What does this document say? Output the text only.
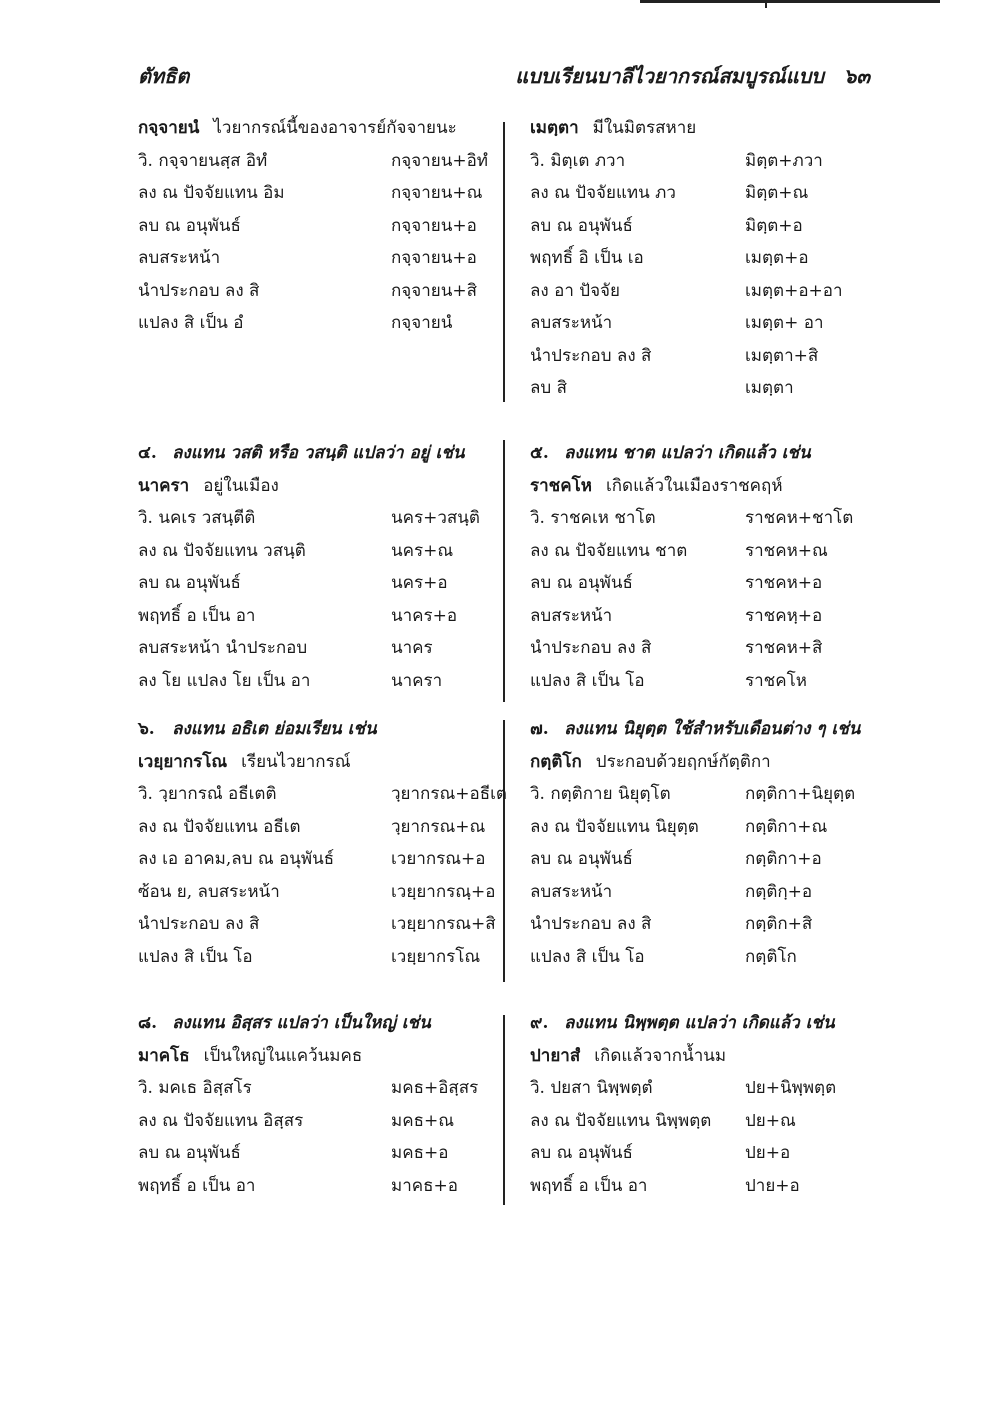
ตัทธิต	แบบเรียนบาลีไวยากรณ์สมบูรณ์แบบ ๖๓
กจฺจายนํ ไวยากรณ์นี้ของอาจารย์กัจจายนะ
วิ. กจฺจายนสฺส อิทํ	กจฺจายน+อิทํ
ลง ณ ปัจจัยแทน อิม	กจฺจายน+ณ
ลบ ณ อนุพันธ์	กจฺจายน+อ
ลบสระหน้า	กจฺจายน+อ
นำประกอบ ลง สิ	กจฺจายน+สิ
แปลง สิ เป็น อํ	กจฺจายนํ
เมตฺตา มีในมิตรสหาย
วิ. มิตฺเต ภวา	มิตฺต+ภวา
ลง ณ ปัจจัยแทน ภว	มิตฺต+ณ
ลบ ณ อนุพันธ์	มิตฺต+อ
พฤทธิ์ อิ เป็น เอ	เมตฺต+อ
ลง อา ปัจจัย	เมตฺต+อ+อา
ลบสระหน้า	เมตฺต+ อา
นำประกอบ ลง สิ	เมตฺตา+สิ
ลบ สิ	เมตฺตา
๔. ลงแทน วสติ หรือ วสนฺติ แปลว่า อยู่ เช่น
นาครา อยู่ในเมือง
วิ. นคเร วสนฺตีติ	นคร+วสนฺติ
ลง ณ ปัจจัยแทน วสนฺติ	นคร+ณ
ลบ ณ อนุพันธ์	นคร+อ
พฤทธิ์ อ เป็น อา	นาคร+อ
ลบสระหน้า นำประกอบ	นาคร
ลง โย แปลง โย เป็น อา	นาครา
๕. ลงแทน ชาต แปลว่า เกิดแล้ว เช่น
ราชคโห เกิดแล้วในเมืองราชคฤห์
วิ. ราชคเห ชาโต	ราชคห+ชาโต
ลง ณ ปัจจัยแทน ชาต	ราชคห+ณ
ลบ ณ อนุพันธ์	ราชคห+อ
ลบสระหน้า	ราชคหฺ+อ
นำประกอบ ลง สิ	ราชคห+สิ
แปลง สิ เป็น โอ	ราชคโห
๖. ลงแทน อธิเต ย่อมเรียน เช่น
เวยฺยากรโณ เรียนไวยากรณ์
วิ. วฺยากรณํ อธีเตติ	วฺยากรณ+อธีเต
ลง ณ ปัจจัยแทน อธีเต	วฺยากรณ+ณ
ลง เอ อาคม,ลบ ณ อนุพันธ์	เวยากรณ+อ
ซ้อน ย, ลบสระหน้า	เวยฺยากรณฺ+อ
นำประกอบ ลง สิ	เวยฺยากรณ+สิ
แปลง สิ เป็น โอ	เวยฺยากรโณ
๗. ลงแทน นิยุตฺต ใช้สำหรับเดือนต่าง ๆ เช่น
กตฺติโก ประกอบด้วยฤกษ์กัตฺติกา
วิ. กตฺติกาย นิยุตฺโต	กตฺติกา+นิยุตฺต
ลง ณ ปัจจัยแทน นิยุตฺต	กตฺติกา+ณ
ลบ ณ อนุพันธ์	กตฺติกา+อ
ลบสระหน้า	กตฺติกฺ+อ
นำประกอบ ลง สิ	กตฺติก+สิ
แปลง สิ เป็น โอ	กตฺติโก
๘. ลงแทน อิสฺสร แปลว่า เป็นใหญ่ เช่น
มาคโธ เป็นใหญ่ในแคว้นมคธ
วิ. มคเธ อิสฺสโร	มคธ+อิสฺสร
ลง ณ ปัจจัยแทน อิสฺสร	มคธ+ณ
ลบ ณ อนุพันธ์	มคธ+อ
พฤทธิ์ อ เป็น อา	มาคธ+อ
๙. ลงแทน นิพฺพตฺต แปลว่า เกิดแล้ว เช่น
ปายาสํ เกิดแล้วจากน้ำนม
วิ. ปยสา นิพฺพตฺตํ	ปย+นิพฺพตฺต
ลง ณ ปัจจัยแทน นิพฺพตฺต ปย+ณ
ลบ ณ อนุพันธ์	ปย+อ
พฤทธิ์ อ เป็น อา	ปาย+อ
